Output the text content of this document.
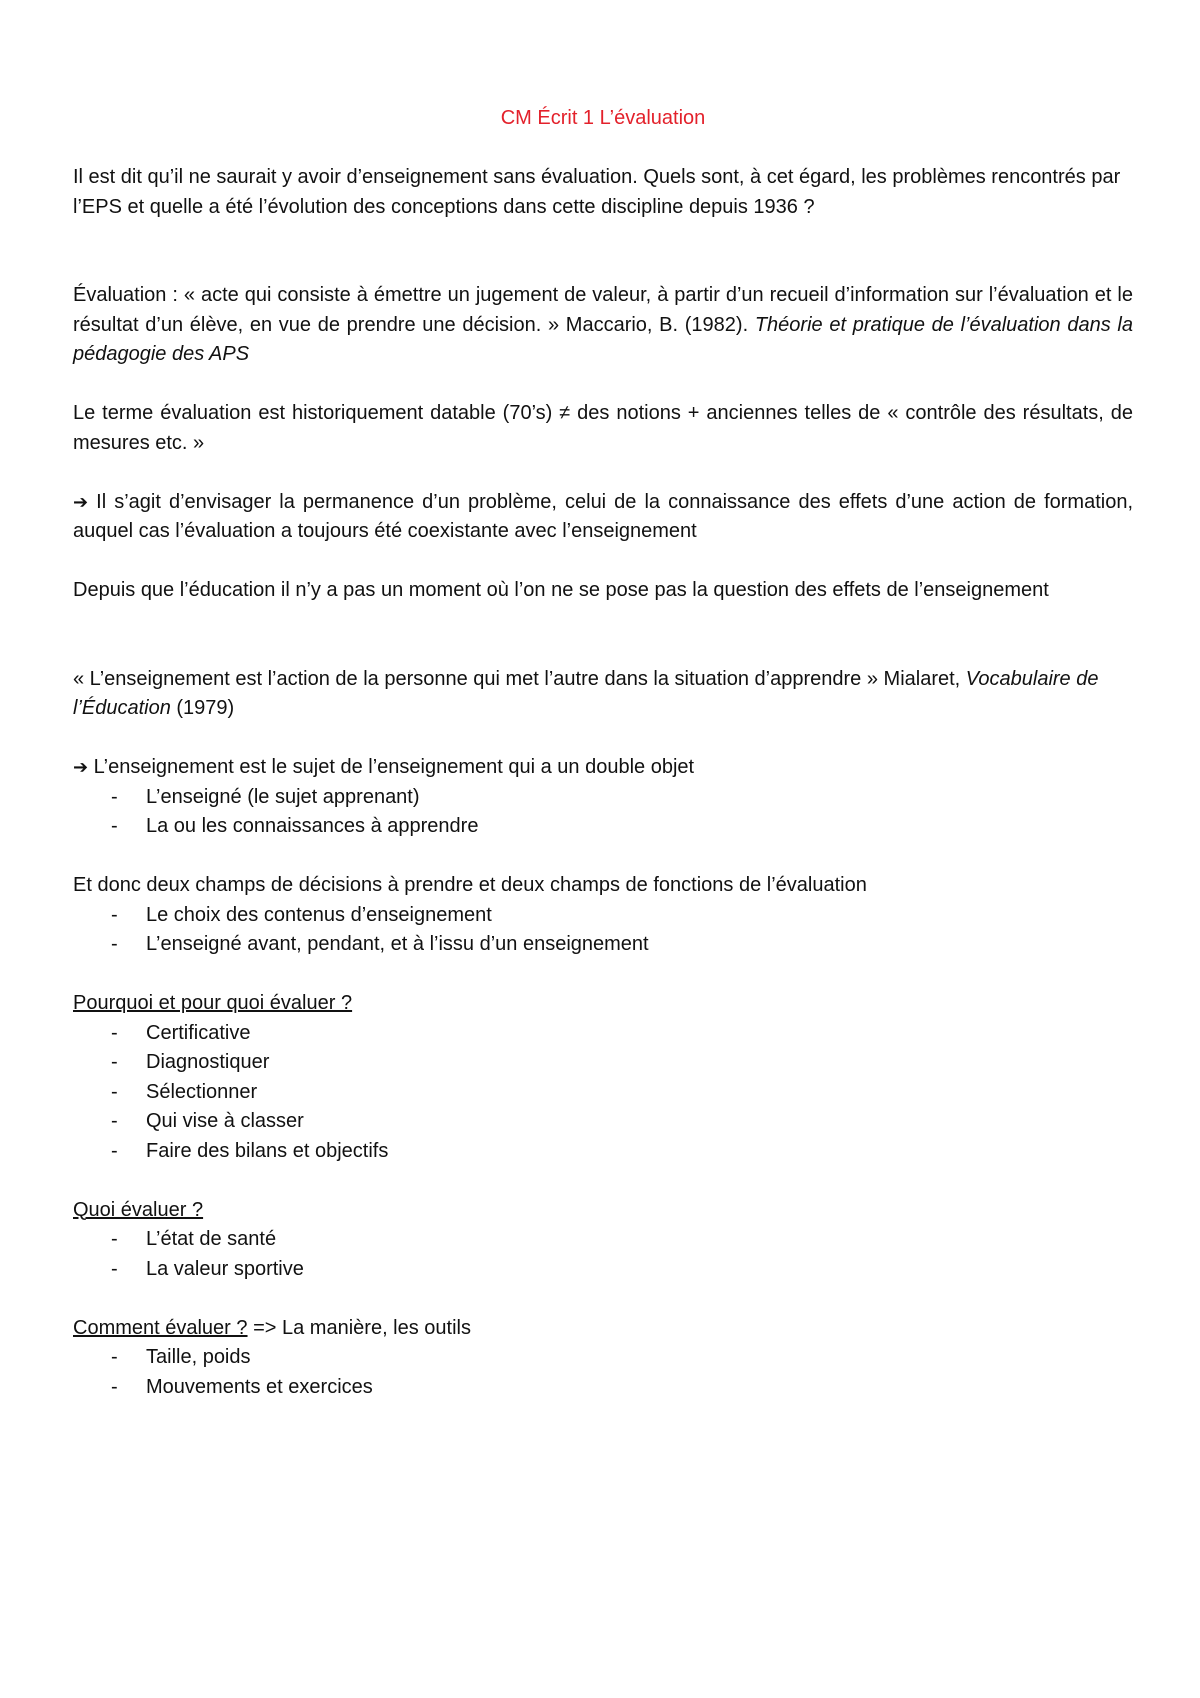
CM Écrit 1 L’évaluation

Il est dit qu’il ne saurait y avoir d’enseignement sans évaluation. Quels sont, à cet égard, les problèmes rencontrés par l’EPS et quelle a été l’évolution des conceptions dans cette discipline depuis 1936 ?

Évaluation : « acte qui consiste à émettre un jugement de valeur, à partir d’un recueil d’information sur l’évaluation et le résultat d’un élève, en vue de prendre une décision. » Maccario, B. (1982). Théorie et pratique de l’évaluation dans la pédagogie des APS

Le terme évaluation est historiquement datable (70’s) ≠ des notions + anciennes telles de « contrôle des résultats, de mesures etc. »

➔ Il s’agit d’envisager la permanence d’un problème, celui de la connaissance des effets d’une action de formation, auquel cas l’évaluation a toujours été coexistante avec l’enseignement

Depuis que l’éducation il n’y a pas un moment où l’on ne se pose pas la question des effets de l’enseignement

« L’enseignement est l’action de la personne qui met l’autre dans la situation d’apprendre » Mialaret, Vocabulaire de l’Éducation (1979)

➔ L’enseignement est le sujet de l’enseignement qui a un double objet

- L’enseigné (le sujet apprenant)
- La ou les connaissances à apprendre

Et donc deux champs de décisions à prendre et deux champs de fonctions de l’évaluation

- Le choix des contenus d’enseignement
- L’enseigné avant, pendant, et à l’issu d’un enseignement

Pourquoi et pour quoi évaluer ?

- Certificative
- Diagnostiquer
- Sélectionner
- Qui vise à classer
- Faire des bilans et objectifs

Quoi évaluer ?

- L’état de santé
- La valeur sportive

Comment évaluer ? => La manière, les outils

- Taille, poids
- Mouvements et exercices
